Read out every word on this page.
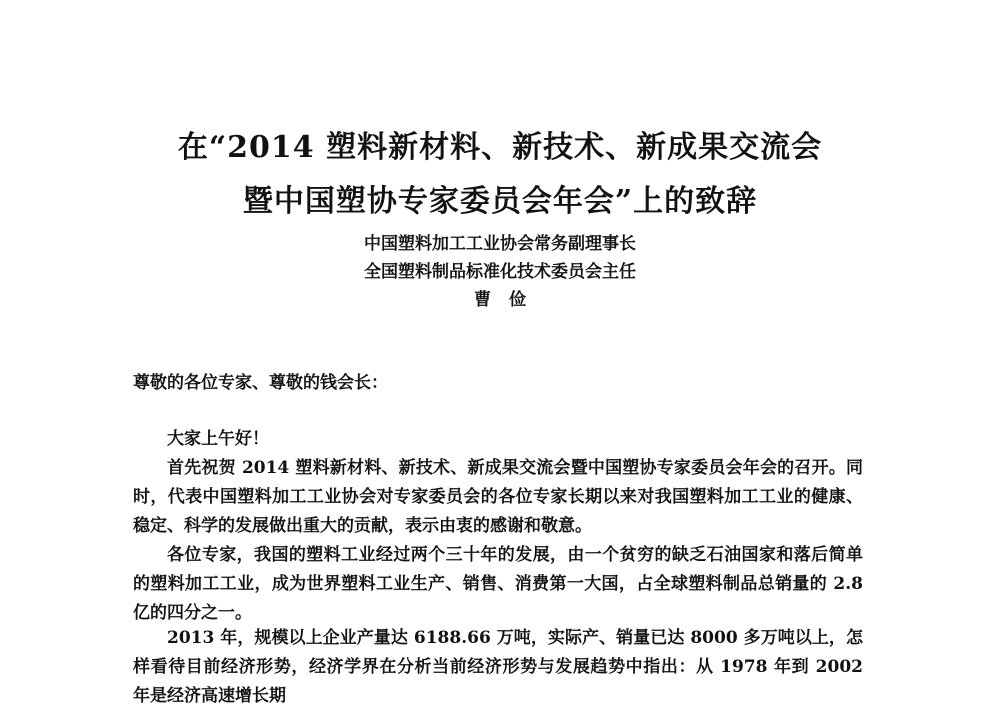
在“2014 塑料新材料、新技术、新成果交流会
暨中国塑协专家委员会年会”上的致辞
中国塑料加工工业协会常务副理事长
全国塑料制品标准化技术委员会主任
曹俭
尊敬的各位专家、尊敬的钱会长：

大家上午好！

首先祝贺 2014 塑料新材料、新技术、新成果交流会暨中国塑协专家委员会年会的召开。同时，代表中国塑料加工工业协会对专家委员会的各位专家长期以来对我国塑料加工工业的健康、稳定、科学的发展做出重大的贡献，表示由衷的感谢和敬意。

各位专家，我国的塑料工业经过两个三十年的发展，由一个贫穷的缺乏石油国家和落后简单的塑料加工工业，成为世界塑料工业生产、销售、消费第一大国，占全球塑料制品总销量的 2.8 亿的四分之一。

2013 年，规模以上企业产量达 6188.66 万吨，实际产、销量已达 8000 多万吨以上，怎样看待目前经济形势，经济学界在分析当前经济形势与发展趋势中指出：从 1978 年到 2002 年是经济高速增长期
